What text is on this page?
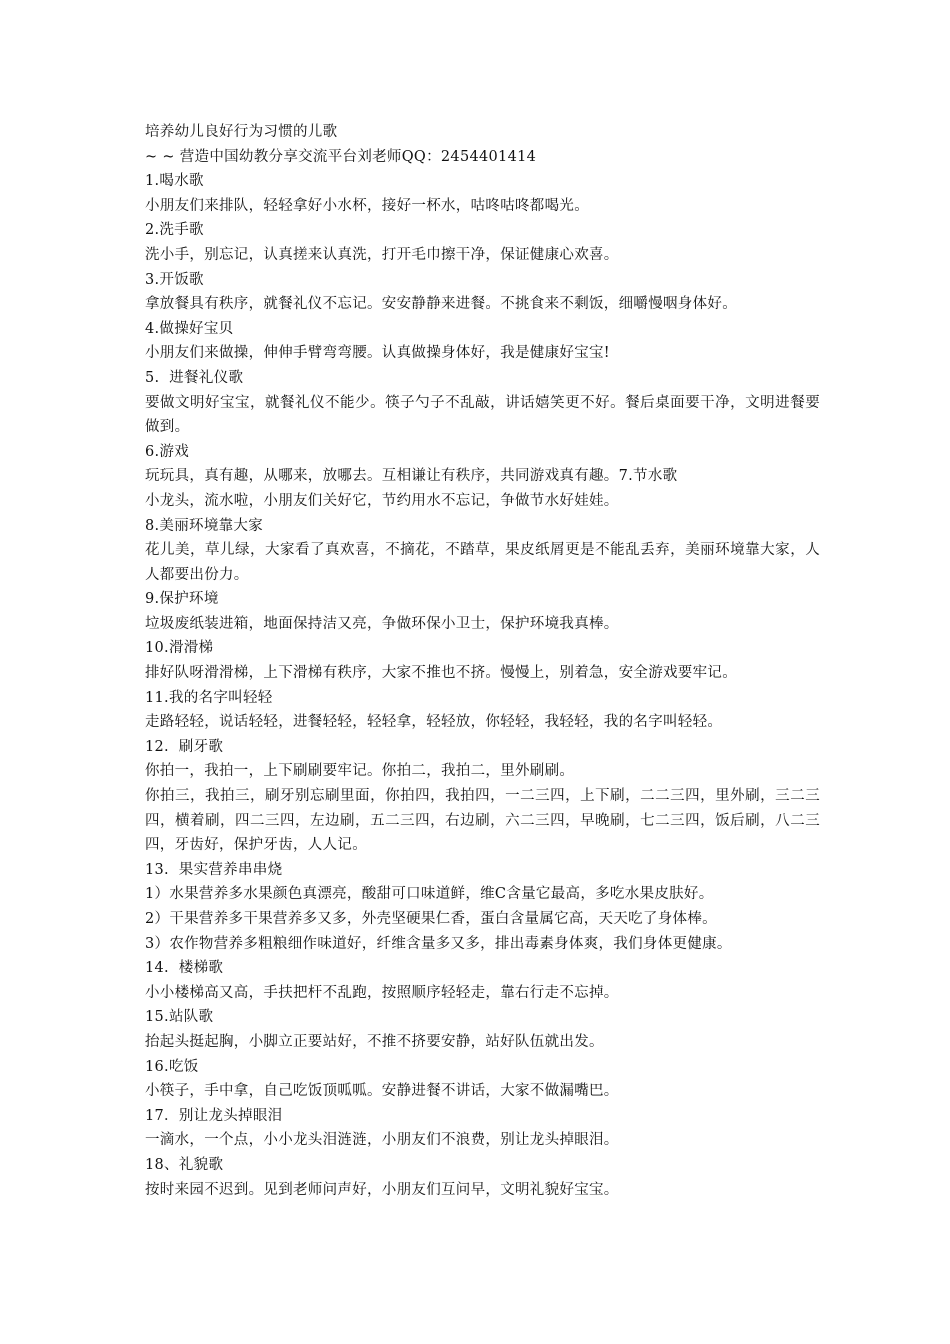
培养幼儿良好行为习惯的儿歌
~ ~ 营造中国幼教分享交流平台刘老师QQ：2454401414
1.喝水歌
小朋友们来排队，轻轻拿好小水杯，接好一杯水，咕咚咕咚都喝光。
2.洗手歌
洗小手，别忘记，认真搓来认真洗，打开毛巾擦干净，保证健康心欢喜。
3.开饭歌
拿放餐具有秩序，就餐礼仪不忘记。安安静静来进餐。不挑食来不剩饭，细嚼慢咽身体好。
4.做操好宝贝
小朋友们来做操，伸伸手臂弯弯腰。认真做操身体好，我是健康好宝宝!
5.  进餐礼仪歌
要做文明好宝宝，就餐礼仪不能少。筷子勺子不乱敲，讲话嬉笑更不好。餐后桌面要干净，文明进餐要做到。
6.游戏
玩玩具，真有趣，从哪来，放哪去。互相谦让有秩序，共同游戏真有趣。7.节水歌
小龙头，流水啦，小朋友们关好它，节约用水不忘记，争做节水好娃娃。
8.美丽环境靠大家
花儿美，草儿绿，大家看了真欢喜，不摘花，不踏草，果皮纸屑更是不能乱丢弃，美丽环境靠大家，人人都要出份力。
9.保护环境
垃圾废纸装进箱，地面保持洁又亮，争做环保小卫士，保护环境我真棒。
10.滑滑梯
排好队呀滑滑梯，上下滑梯有秩序，大家不推也不挤。慢慢上，别着急，安全游戏要牢记。
11.我的名字叫轻轻
走路轻轻，说话轻轻，进餐轻轻，轻轻拿，轻轻放，你轻轻，我轻轻，我的名字叫轻轻。
12.  刷牙歌
你拍一，我拍一，上下刷刷要牢记。你拍二，我拍二，里外刷刷。
你拍三，我拍三，刷牙别忘刷里面，你拍四，我拍四，一二三四，上下刷，二二三四，里外刷，三二三四，横着刷，四二三四，左边刷，五二三四，右边刷，六二三四，早晚刷，七二三四，饭后刷，八二三四，牙齿好，保护牙齿，人人记。
13.  果实营养串串烧
1）水果营养多水果颜色真漂亮，酸甜可口味道鲜，维C含量它最高，多吃水果皮肤好。
2）干果营养多干果营养多又多，外壳坚硬果仁香，蛋白含量属它高，天天吃了身体棒。
3）农作物营养多粗粮细作味道好，纤维含量多又多，排出毒素身体爽，我们身体更健康。
14.  楼梯歌
小小楼梯高又高，手扶把杆不乱跑，按照顺序轻轻走，靠右行走不忘掉。
15.站队歌
抬起头挺起胸，小脚立正要站好，不推不挤要安静，站好队伍就出发。
16.吃饭
小筷子，手中拿，自己吃饭顶呱呱。安静进餐不讲话，大家不做漏嘴巴。
17．别让龙头掉眼泪
一滴水，一个点，小小龙头泪涟涟，小朋友们不浪费，别让龙头掉眼泪。
18、礼貌歌
按时来园不迟到。见到老师问声好，小朋友们互问早，文明礼貌好宝宝。
